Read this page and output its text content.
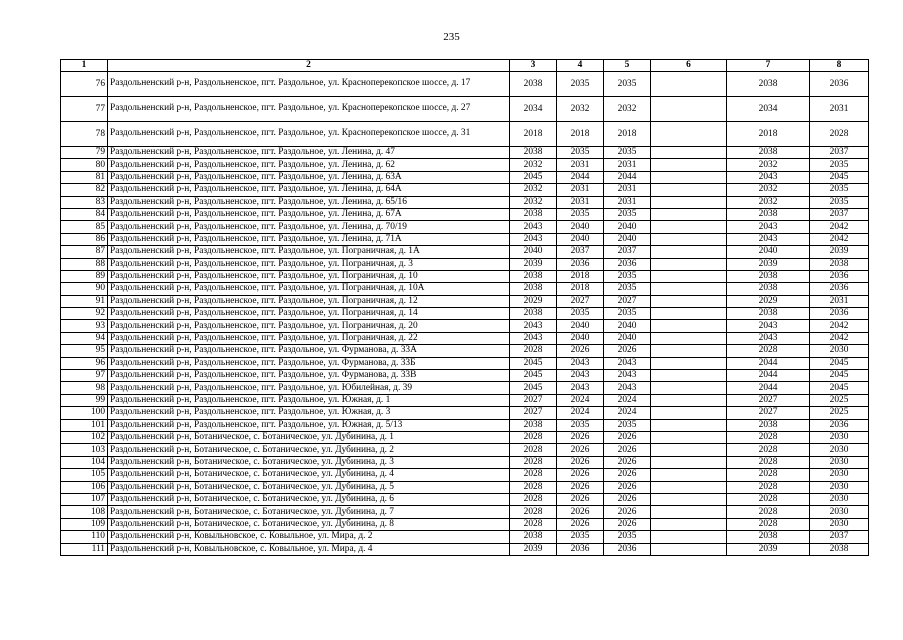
235
1	2	3	4	5	6	7	8
76	Раздольненский р-н, Раздольненское, пгт. Раздольное, ул. Красноперекопское шоссе, д. 17	2038	2035	2035		2038	2036
77	Раздольненский р-н, Раздольненское, пгт. Раздольное, ул. Красноперекопское шоссе, д. 27	2034	2032	2032		2034	2031
78	Раздольненский р-н, Раздольненское, пгт. Раздольное, ул. Красноперекопское шоссе, д. 31	2018	2018	2018		2018	2028
79	Раздольненский р-н, Раздольненское, пгт. Раздольное, ул. Ленина, д. 47	2038	2035	2035		2038	2037
80	Раздольненский р-н, Раздольненское, пгт. Раздольное, ул. Ленина, д. 62	2032	2031	2031		2032	2035
81	Раздольненский р-н, Раздольненское, пгт. Раздольное, ул. Ленина, д. 63А	2045	2044	2044		2043	2045
82	Раздольненский р-н, Раздольненское, пгт. Раздольное, ул. Ленина, д. 64А	2032	2031	2031		2032	2035
83	Раздольненский р-н, Раздольненское, пгт. Раздольное, ул. Ленина, д. 65/16	2032	2031	2031		2032	2035
84	Раздольненский р-н, Раздольненское, пгт. Раздольное, ул. Ленина, д. 67А	2038	2035	2035		2038	2037
85	Раздольненский р-н, Раздольненское, пгт. Раздольное, ул. Ленина, д. 70/19	2043	2040	2040		2043	2042
86	Раздольненский р-н, Раздольненское, пгт. Раздольное, ул. Ленина, д. 71А	2043	2040	2040		2043	2042
87	Раздольненский р-н, Раздольненское, пгт. Раздольное, ул. Пограничная, д. 1А	2040	2037	2037		2040	2039
88	Раздольненский р-н, Раздольненское, пгт. Раздольное, ул. Пограничная, д. 3	2039	2036	2036		2039	2038
89	Раздольненский р-н, Раздольненское, пгт. Раздольное, ул. Пограничная, д. 10	2038	2018	2035		2038	2036
90	Раздольненский р-н, Раздольненское, пгт. Раздольное, ул. Пограничная, д. 10А	2038	2018	2035		2038	2036
91	Раздольненский р-н, Раздольненское, пгт. Раздольное, ул. Пограничная, д. 12	2029	2027	2027		2029	2031
92	Раздольненский р-н, Раздольненское, пгт. Раздольное, ул. Пограничная, д. 14	2038	2035	2035		2038	2036
93	Раздольненский р-н, Раздольненское, пгт. Раздольное, ул. Пограничная, д. 20	2043	2040	2040		2043	2042
94	Раздольненский р-н, Раздольненское, пгт. Раздольное, ул. Пограничная, д. 22	2043	2040	2040		2043	2042
95	Раздольненский р-н, Раздольненское, пгт. Раздольное, ул. Фурманова, д. 33А	2028	2026	2026		2028	2030
96	Раздольненский р-н, Раздольненское, пгт. Раздольное, ул. Фурманова, д. 33Б	2045	2043	2043		2044	2045
97	Раздольненский р-н, Раздольненское, пгт. Раздольное, ул. Фурманова, д. 33В	2045	2043	2043		2044	2045
98	Раздольненский р-н, Раздольненское, пгт. Раздольное, ул. Юбилейная, д. 39	2045	2043	2043		2044	2045
99	Раздольненский р-н, Раздольненское, пгт. Раздольное, ул. Южная, д. 1	2027	2024	2024		2027	2025
100	Раздольненский р-н, Раздольненское, пгт. Раздольное, ул. Южная, д. 3	2027	2024	2024		2027	2025
101	Раздольненский р-н, Раздольненское, пгт. Раздольное, ул. Южная, д. 5/13	2038	2035	2035		2038	2036
102	Раздольненский р-н, Ботаническое, с. Ботаническое, ул. Дубинина, д. 1	2028	2026	2026		2028	2030
103	Раздольненский р-н, Ботаническое, с. Ботаническое, ул. Дубинина, д. 2	2028	2026	2026		2028	2030
104	Раздольненский р-н, Ботаническое, с. Ботаническое, ул. Дубинина, д. 3	2028	2026	2026		2028	2030
105	Раздольненский р-н, Ботаническое, с. Ботаническое, ул. Дубинина, д. 4	2028	2026	2026		2028	2030
106	Раздольненский р-н, Ботаническое, с. Ботаническое, ул. Дубинина, д. 5	2028	2026	2026		2028	2030
107	Раздольненский р-н, Ботаническое, с. Ботаническое, ул. Дубинина, д. 6	2028	2026	2026		2028	2030
108	Раздольненский р-н, Ботаническое, с. Ботаническое, ул. Дубинина, д. 7	2028	2026	2026		2028	2030
109	Раздольненский р-н, Ботаническое, с. Ботаническое, ул. Дубинина, д. 8	2028	2026	2026		2028	2030
110	Раздольненский р-н, Ковыльновское, с. Ковыльное, ул. Мира, д. 2	2038	2035	2035		2038	2037
111	Раздольненский р-н, Ковыльновское, с. Ковыльное, ул. Мира, д. 4	2039	2036	2036		2039	2038
